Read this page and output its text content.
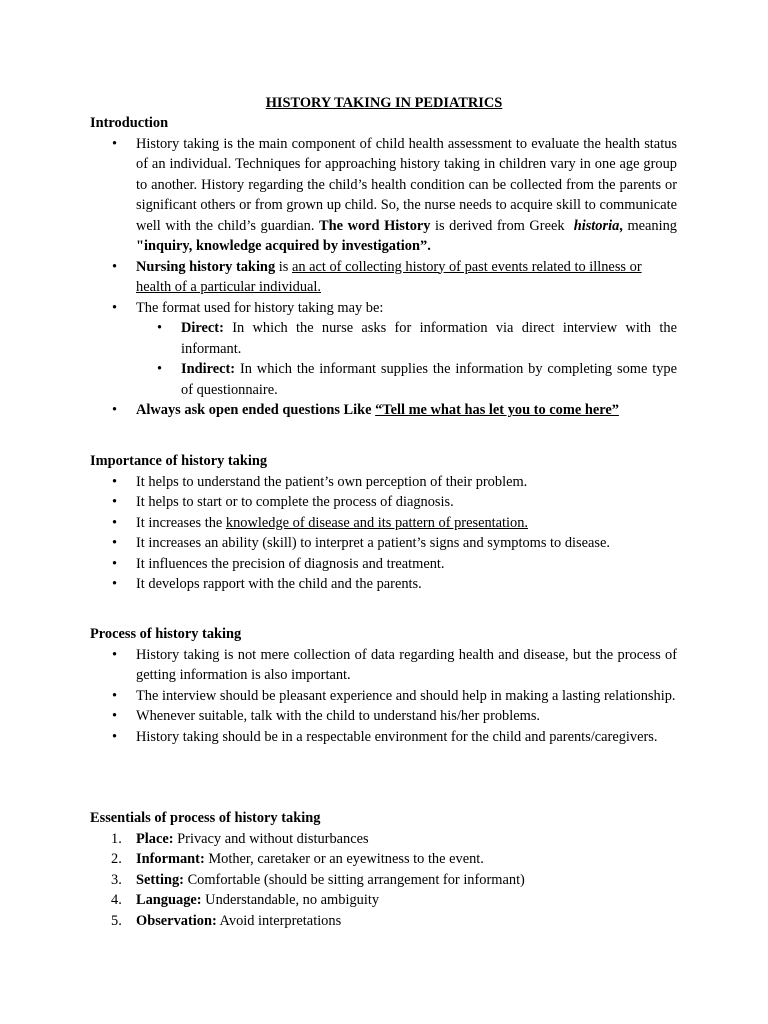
HISTORY TAKING IN PEDIATRICS
Introduction
• History taking is the main component of child health assessment to evaluate the health status of an individual. Techniques for approaching history taking in children vary in one age group to another. History regarding the child’s health condition can be collected from the parents or significant others or from grown up child. So, the nurse needs to acquire skill to communicate well with the child’s guardian. The word History is derived from Greek  historia, meaning "inquiry, knowledge acquired by investigation”.
• Nursing history taking is an act of collecting history of past events related to illness or health of a particular individual.
• The format used for history taking may be:
• Direct: In which the nurse asks for information via direct interview with the informant.
• Indirect: In which the informant supplies the information by completing some type of questionnaire.
• Always ask open ended questions Like “Tell me what has let you to come here”
Importance of history taking
• It helps to understand the patient’s own perception of their problem.
• It helps to start or to complete the process of diagnosis.
• It increases the knowledge of disease and its pattern of presentation.
• It increases an ability (skill) to interpret a patient’s signs and symptoms to disease.
• It influences the precision of diagnosis and treatment.
• It develops rapport with the child and the parents.
Process of history taking
• History taking is not mere collection of data regarding health and disease, but the process of getting information is also important.
• The interview should be pleasant experience and should help in making a lasting relationship.
• Whenever suitable, talk with the child to understand his/her problems.
• History taking should be in a respectable environment for the child and parents/caregivers.
Essentials of process of history taking
1. Place: Privacy and without disturbances
2. Informant: Mother, caretaker or an eyewitness to the event.
3. Setting: Comfortable (should be sitting arrangement for informant)
4. Language: Understandable, no ambiguity
5. Observation: Avoid interpretations
